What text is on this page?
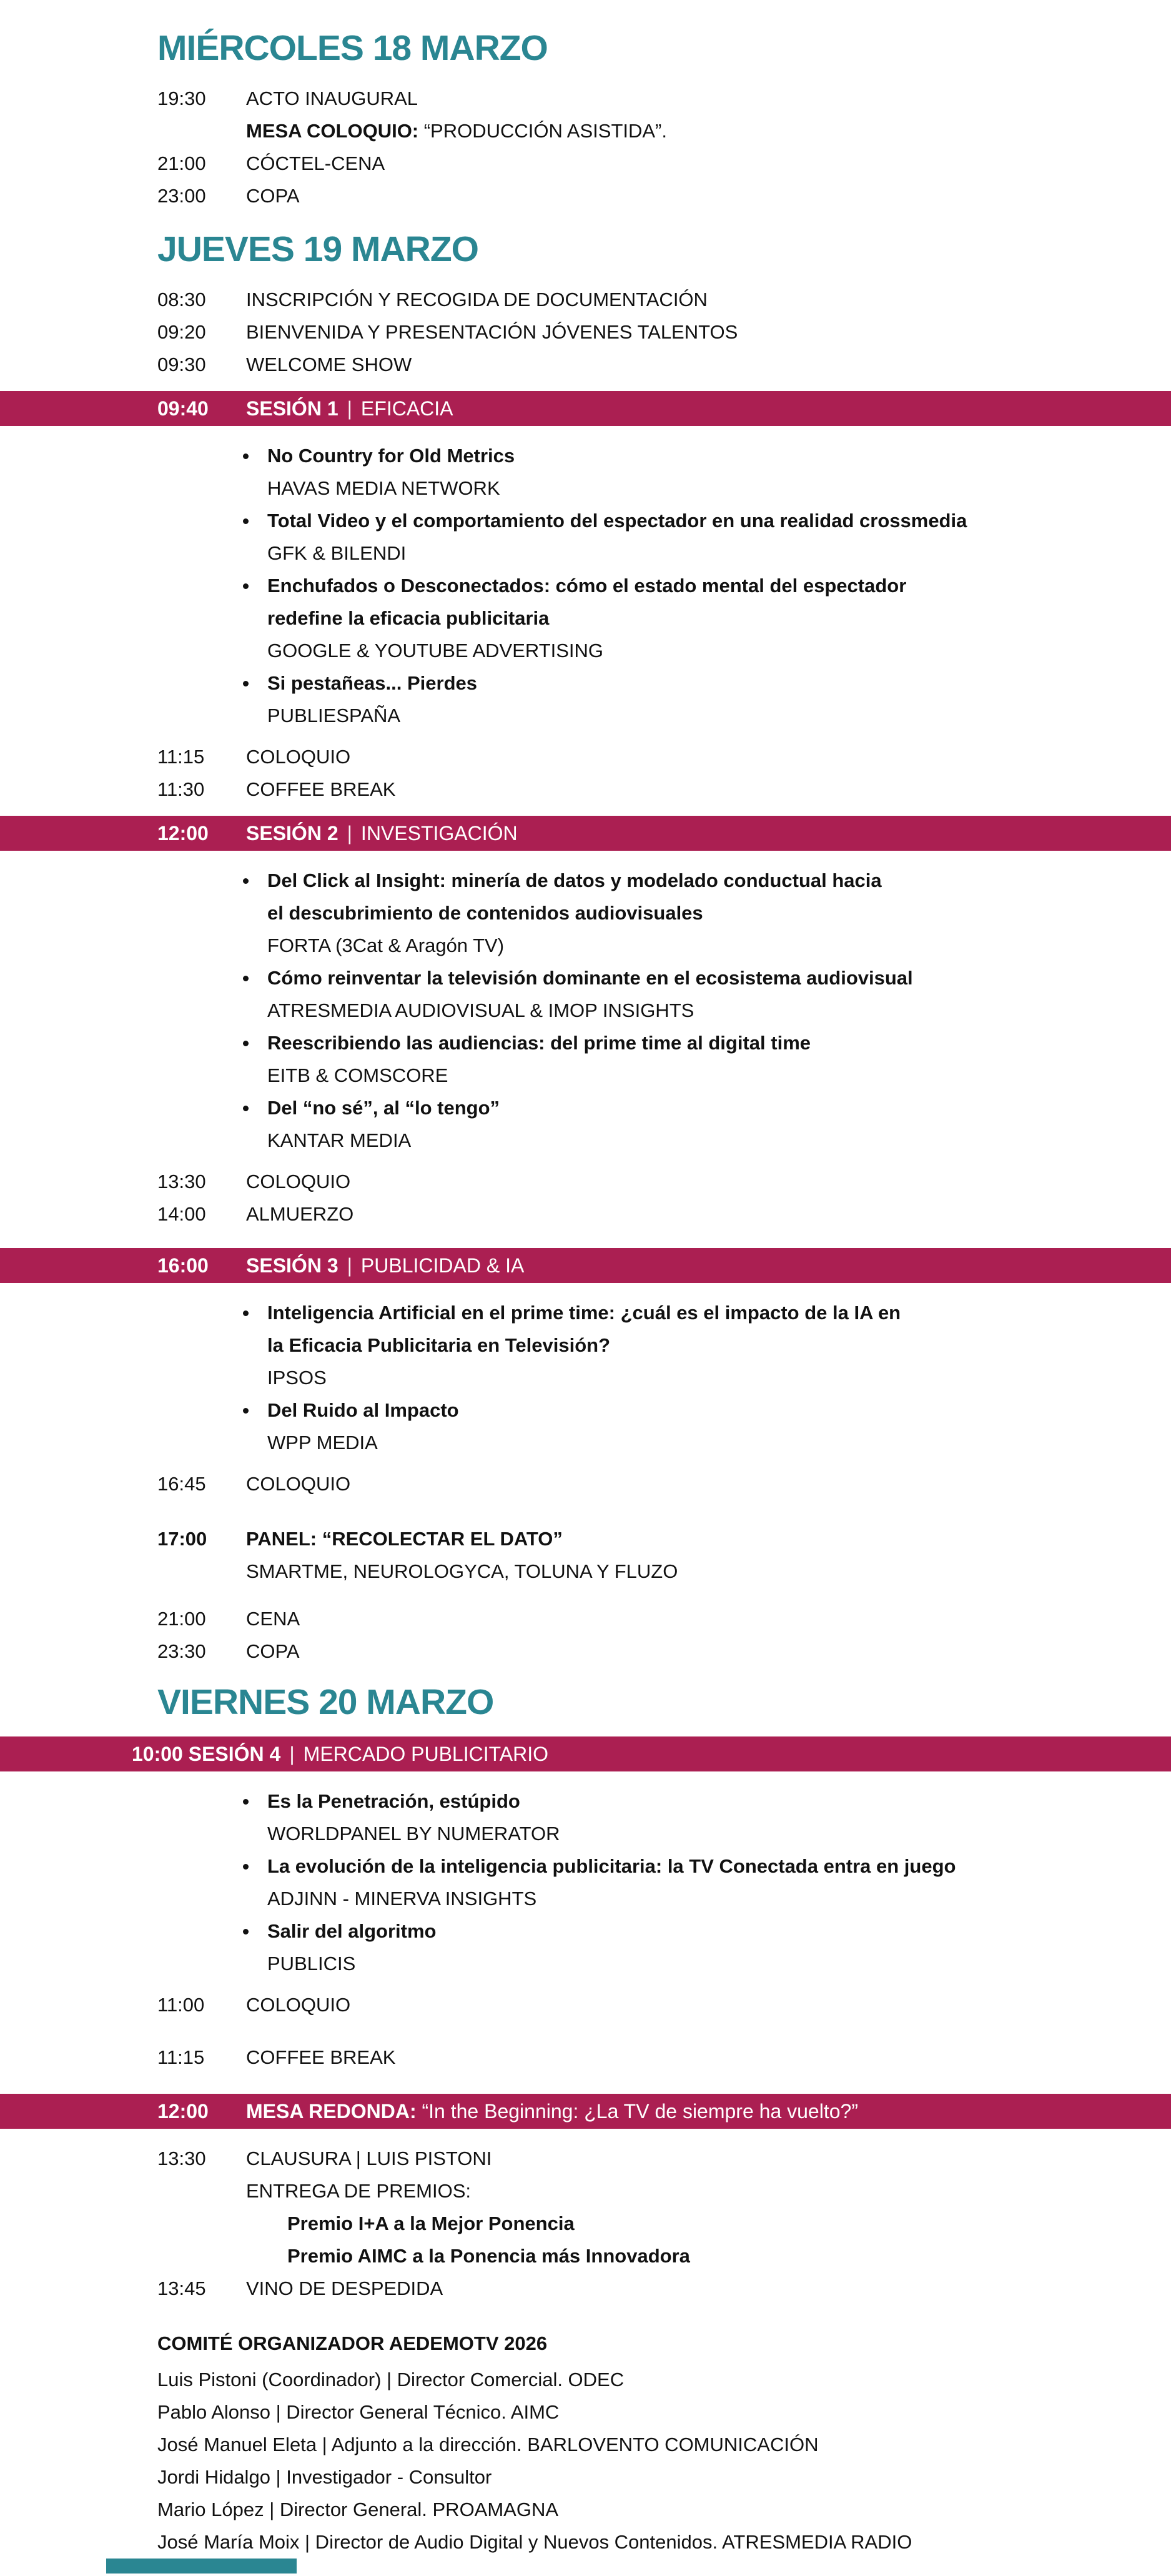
MIÉRCOLES 18 MARZO
19:30 ACTO INAUGURAL
MESA COLOQUIO: “PRODUCCIÓN ASISTIDA”.
21:00 CÓCTEL-CENA
23:00 COPA
JUEVES 19 MARZO
08:30 INSCRIPCIÓN Y RECOGIDA DE DOCUMENTACIÓN
09:20 BIENVENIDA Y PRESENTACIÓN JÓVENES TALENTOS
09:30 WELCOME SHOW
09:40 SESIÓN 1 | EFICACIA
No Country for Old Metrics
HAVAS MEDIA NETWORK
Total Video y el comportamiento del espectador en una realidad crossmedia
GFK & BILENDI
Enchufados o Desconectados: cómo el estado mental del espectador
redefine la eficacia publicitaria
GOOGLE & YOUTUBE ADVERTISING
Si pestañeas... Pierdes
PUBLIESPAÑA
11:15 COLOQUIO
11:30 COFFEE BREAK
12:00 SESIÓN 2 | INVESTIGACIÓN
Del Click al Insight: minería de datos y modelado conductual hacia
el descubrimiento de contenidos audiovisuales
FORTA (3Cat & Aragón TV)
Cómo reinventar la televisión dominante en el ecosistema audiovisual
ATRESMEDIA AUDIOVISUAL & IMOP INSIGHTS
Reescribiendo las audiencias: del prime time al digital time
EITB & COMSCORE
Del “no sé”, al “lo tengo”
KANTAR MEDIA
13:30 COLOQUIO
14:00 ALMUERZO
16:00 SESIÓN 3 | PUBLICIDAD & IA
Inteligencia Artificial en el prime time: ¿cuál es el impacto de la IA en
la Eficacia Publicitaria en Televisión?
IPSOS
Del Ruido al Impacto
WPP MEDIA
16:45 COLOQUIO
17:00 PANEL: “RECOLECTAR EL DATO”
SMARTME, NEUROLOGYCA, TOLUNA Y FLUZO
21:00 CENA
23:30 COPA
VIERNES 20 MARZO
10:00 SESIÓN 4 | MERCADO PUBLICITARIO
Es la Penetración, estúpido
WORLDPANEL BY NUMERATOR
La evolución de la inteligencia publicitaria: la TV Conectada entra en juego
ADJINN - MINERVA INSIGHTS
Salir del algoritmo
PUBLICIS
11:00 COLOQUIO
11:15 COFFEE BREAK
12:00 MESA REDONDA: “In the Beginning: ¿La TV de siempre ha vuelto?”
13:30 CLAUSURA | LUIS PISTONI
ENTREGA DE PREMIOS:
Premio I+A a la Mejor Ponencia
Premio AIMC a la Ponencia más Innovadora
13:45 VINO DE DESPEDIDA
COMITÉ ORGANIZADOR AEDEMOTV 2026
Luis Pistoni (Coordinador) | Director Comercial. ODEC
Pablo Alonso | Director General Técnico. AIMC
José Manuel Eleta | Adjunto a la dirección. BARLOVENTO COMUNICACIÓN
Jordi Hidalgo | Investigador - Consultor
Mario López | Director General. PROAMAGNA
José María Moix | Director de Audio Digital y Nuevos Contenidos. ATRESMEDIA RADIO
